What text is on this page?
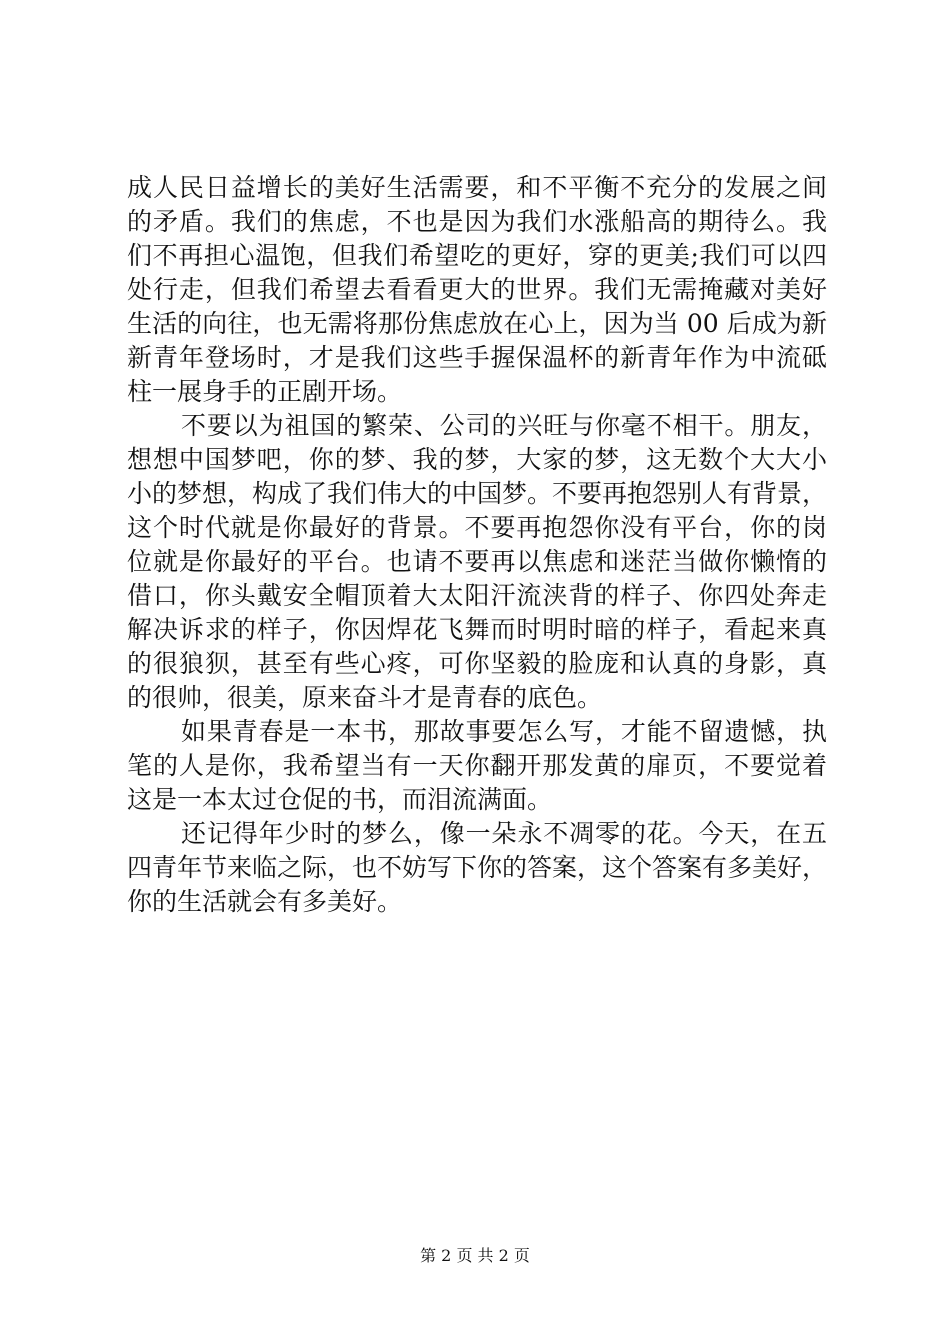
成人民日益增长的美好生活需要，和不平衡不充分的发展之间
的矛盾。我们的焦虑，不也是因为我们水涨船高的期待么。我
们不再担心温饱，但我们希望吃的更好，穿的更美;我们可以四
处行走，但我们希望去看看更大的世界。我们无需掩藏对美好
生活的向往，也无需将那份焦虑放在心上，因为当 00 后成为新
新青年登场时，才是我们这些手握保温杯的新青年作为中流砥
柱一展身手的正剧开场。
不要以为祖国的繁荣、公司的兴旺与你毫不相干。朋友，
想想中国梦吧，你的梦、我的梦，大家的梦，这无数个大大小
小的梦想，构成了我们伟大的中国梦。不要再抱怨别人有背景，
这个时代就是你最好的背景。不要再抱怨你没有平台，你的岗
位就是你最好的平台。也请不要再以焦虑和迷茫当做你懒惰的
借口，你头戴安全帽顶着大太阳汗流浃背的样子、你四处奔走
解决诉求的样子，你因焊花飞舞而时明时暗的样子，看起来真
的很狼狈，甚至有些心疼，可你坚毅的脸庞和认真的身影，真
的很帅，很美，原来奋斗才是青春的底色。
如果青春是一本书，那故事要怎么写，才能不留遗憾，执
笔的人是你，我希望当有一天你翻开那发黄的扉页，不要觉着
这是一本太过仓促的书，而泪流满面。
还记得年少时的梦么，像一朵永不凋零的花。今天，在五
四青年节来临之际，也不妨写下你的答案，这个答案有多美好，
你的生活就会有多美好。
第 2 页 共 2 页
